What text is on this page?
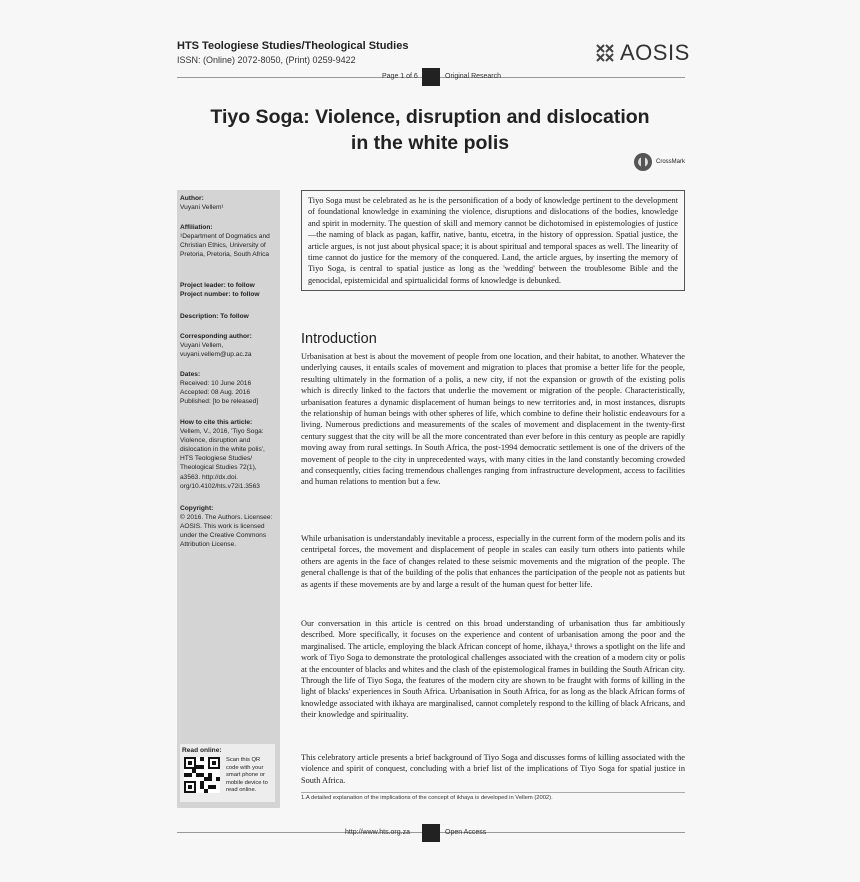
HTS Teologiese Studies/Theological Studies
ISSN: (Online) 2072-8050, (Print) 0259-9422	AOSIS
Page 1 of 6	Original Research
Tiyo Soga: Violence, disruption and dislocation
in the white polis
CrossMark
Author:
Vuyani Vellem¹
Affiliation:
¹Department of Dogmatics and Christian Ethics, University of Pretoria, Pretoria, South Africa
Project leader: to follow
Project number: to follow
Description: To follow
Corresponding author:
Vuyani Vellem,
vuyani.vellem@up.ac.za
Dates:
Received: 10 June 2016
Accepted: 08 Aug. 2016
Published: [to be released]
How to cite this article:
Vellem, V., 2016, 'Tiyo Soga: Violence, disruption and dislocation in the white polis', HTS Teologiese Studies/ Theological Studies 72(1), a3563. http://dx.doi. org/10.4102/hts.v72i1.3563
Copyright:
© 2016. The Authors. Licensee: AOSIS. This work is licensed under the Creative Commons Attribution License.
Read online:
Scan this QR code with your smart phone or mobile device to read online.
Tiyo Soga must be celebrated as he is the personification of a body of knowledge pertinent to the development of foundational knowledge in examining the violence, disruptions and dislocations of the bodies, knowledge and spirit in modernity. The question of skill and memory cannot be dichotomised in epistemologies of justice—the naming of black as pagan, kaffir, native, bantu, etcetra, in the history of oppression. Spatial justice, the article argues, is not just about physical space; it is about spiritual and temporal spaces as well. The linearity of time cannot do justice for the memory of the conquered. Land, the article argues, by inserting the memory of Tiyo Soga, is central to spatial justice as long as the 'wedding' between the troublesome Bible and the genocidal, epistemicidal and spirtualicidal forms of knowledge is debunked.
Introduction

Urbanisation at best is about the movement of people from one location, and their habitat, to another. Whatever the underlying causes, it entails scales of movement and migration to places that promise a better life for the people, resulting ultimately in the formation of a polis, a new city, if not the expansion or growth of the existing polis which is directly linked to the factors that underlie the movement or migration of the people. Characteristically, urbanisation features a dynamic displacement of human beings to new territories and, in most instances, disrupts the relationship of human beings with other spheres of life, which combine to define their holistic endeavours for a living. Numerous predictions and measurements of the scales of movement and displacement in the twenty-first century suggest that the city will be all the more concentrated than ever before in this century as people are rapidly moving away from rural settings. In South Africa, the post-1994 democratic settlement is one of the drivers of the movement of people to the city in unprecedented ways, with many cities in the land constantly becoming crowded and consequently, cities facing tremendous challenges ranging from infrastructure development, access to facilities and human relations to mention but a few.

While urbanisation is understandably inevitable a process, especially in the current form of the modern polis and its centripetal forces, the movement and displacement of people in scales can easily turn others into patients while others are agents in the face of changes related to these seismic movements and the migration of the people. The general challenge is that of the building of the polis that enhances the participation of the people not as patients but as agents if these movements are by and large a result of the human quest for better life.

Our conversation in this article is centred on this broad understanding of urbanisation thus far ambitiously described. More specifically, it focuses on the experience and content of urbanisation among the poor and the marginalised. The article, employing the black African concept of home, ikhaya,¹ throws a spotlight on the life and work of Tiyo Soga to demonstrate the protological challenges associated with the creation of a modern city or polis at the encounter of blacks and whites and the clash of the epistemological frames in building the South African city. Through the life of Tiyo Soga, the features of the modern city are shown to be fraught with forms of killing in the light of blacks' experiences in South Africa. Urbanisation in South Africa, for as long as the black African forms of knowledge associated with ikhaya are marginalised, cannot completely respond to the killing of black Africans, and their knowledge and spirituality.

This celebratory article presents a brief background of Tiyo Soga and discusses forms of killing associated with the violence and spirit of conquest, concluding with a brief list of the implications of Tiyo Soga for spatial justice in South Africa.

1.A detailed explanation of the implications of the concept of ikhaya is developed in Vellem (2002).
http://www.hts.org.za	Open Access
